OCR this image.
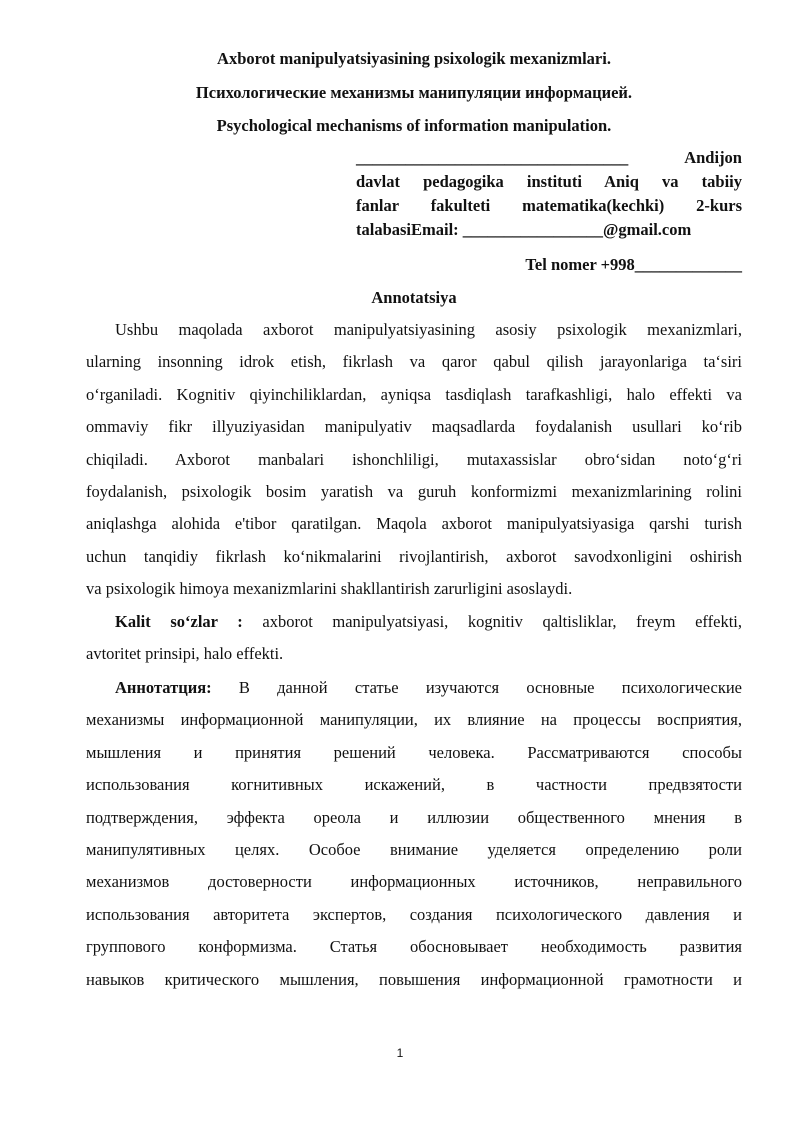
Axborot manipulyatsiyasining psixologik mexanizmlari.
Психологические механизмы манипуляции информацией.
Psychological mechanisms of information manipulation.
_________________________________ Andijon
davlat pedagogika instituti Aniq va tabiiy
fanlar fakulteti matematika(kechki) 2-kurs
talabasiEmail: _________________@gmail.com
Tel nomer +998_____________
Annotatsiya
Ushbu maqolada axborot manipulyatsiyasining asosiy psixologik mexanizmlari,
ularning insonning idrok etish, fikrlash va qaror qabul qilish jarayonlariga ta‘siri
o‘rganiladi. Kognitiv qiyinchiliklardan, ayniqsa tasdiqlash tarafkashligi, halo effekti va
ommaviy fikr illyuziyasidan manipulyativ maqsadlarda foydalanish usullari ko‘rib
chiqiladi. Axborot manbalari ishonchliligi, mutaxassislar obro‘sidan noto‘g‘ri
foydalanish, psixologik bosim yaratish va guruh konformizmi mexanizmlarining rolini
aniqlashga alohida e'tibor qaratilgan. Maqola axborot manipulyatsiyasiga qarshi turish
uchun tanqidiy fikrlash ko‘nikmalarini rivojlantirish, axborot savodxonligini oshirish
va psixologik himoya mexanizmlarini shakllantirish zarurligini asoslaydi.
Kalit so‘zlar : axborot manipulyatsiyasi, kognitiv qaltisliklar, freym effekti,
avtoritet prinsipi, halo effekti.
Аннотатция: В данной статье изучаются основные психологические
механизмы информационной манипуляции, их влияние на процессы восприятия,
мышления и принятия решений человека. Рассматриваются способы
использования когнитивных искажений, в частности предвзятости
подтверждения, эффекта ореола и иллюзии общественного мнения в
манипулятивных целях. Особое внимание уделяется определению роли
механизмов достоверности информационных источников, неправильного
использования авторитета экспертов, создания психологического давления и
группового конформизма. Статья обосновывает необходимость развития
навыков критического мышления, повышения информационной грамотности и
1
